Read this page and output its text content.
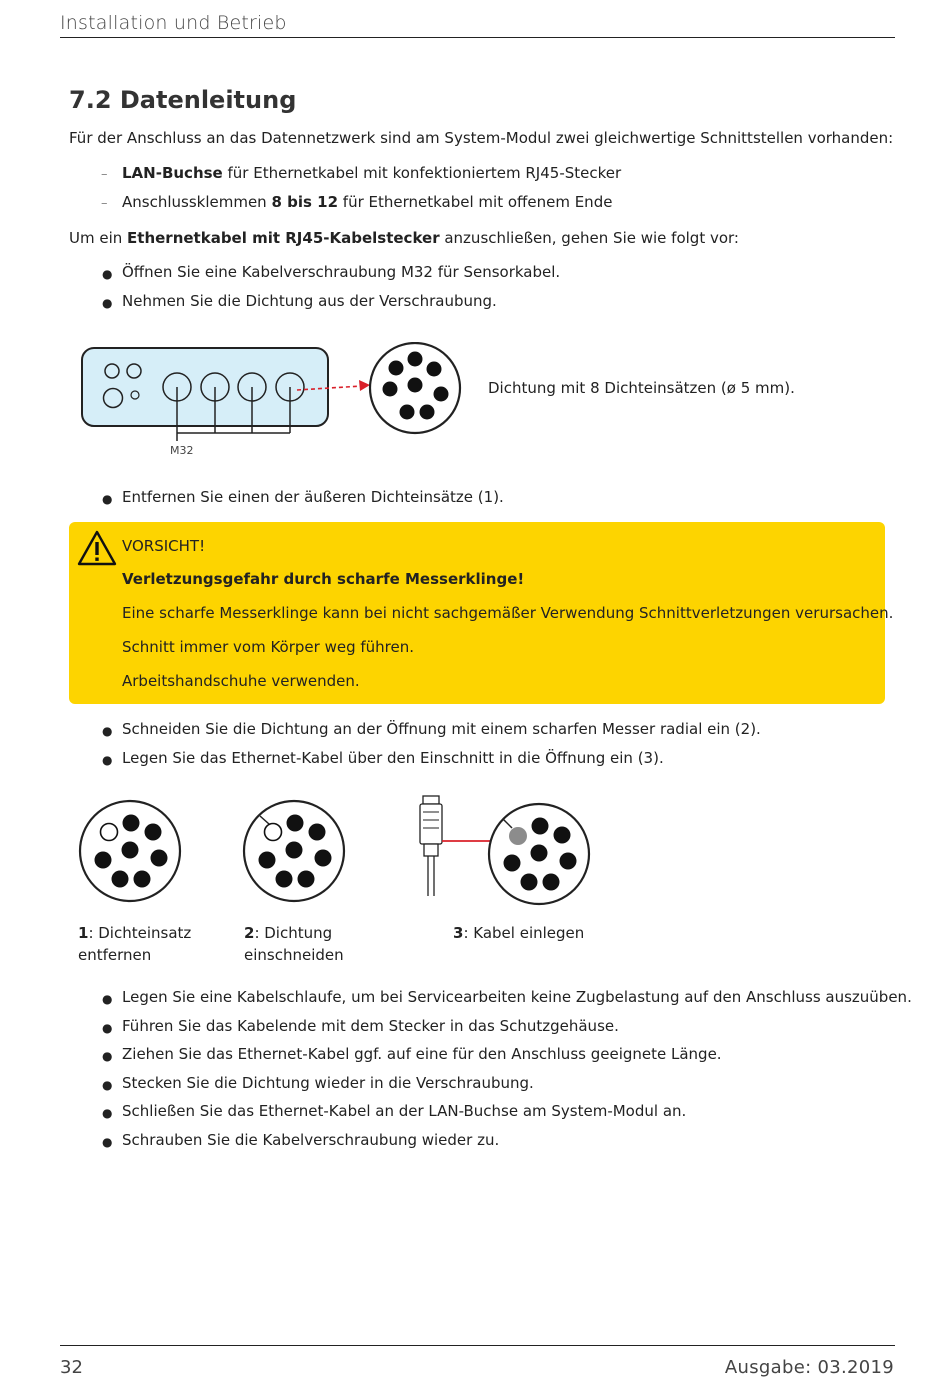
Installation und Betrieb
7.2 Datenleitung
Für der Anschluss an das Datennetzwerk sind am System-Modul zwei gleichwertige Schnittstellen vorhanden:
– LAN-Buchse für Ethernetkabel mit konfektioniertem RJ45-Stecker
– Anschlussklemmen 8 bis 12 für Ethernetkabel mit offenem Ende
Um ein Ethernetkabel mit RJ45-Kabelstecker anzuschließen, gehen Sie wie folgt vor:
● Öffnen Sie eine Kabelverschraubung M32 für Sensorkabel.
● Nehmen Sie die Dichtung aus der Verschraubung.
M32
Dichtung mit 8 Dichteinsätzen (ø 5 mm).
● Entfernen Sie einen der äußeren Dichteinsätze (1).
VORSICHT!
Verletzungsgefahr durch scharfe Messerklinge!
Eine scharfe Messerklinge kann bei nicht sachgemäßer Verwendung Schnittverletzungen verursachen.
Schnitt immer vom Körper weg führen.
Arbeitshandschuhe verwenden.
● Schneiden Sie die Dichtung an der Öffnung mit einem scharfen Messer radial ein (2).
● Legen Sie das Ethernet-Kabel über den Einschnitt in die Öffnung ein (3).
1: Dichteinsatz
entfernen
2: Dichtung
einschneiden
3: Kabel einlegen
● Legen Sie eine Kabelschlaufe, um bei Servicearbeiten keine Zugbelastung auf den Anschluss auszuüben.
● Führen Sie das Kabelende mit dem Stecker in das Schutzgehäuse.
● Ziehen Sie das Ethernet-Kabel ggf. auf eine für den Anschluss geeignete Länge.
● Stecken Sie die Dichtung wieder in die Verschraubung.
● Schließen Sie das Ethernet-Kabel an der LAN-Buchse am System-Modul an.
● Schrauben Sie die Kabelverschraubung wieder zu.
32	Ausgabe: 03.2019
